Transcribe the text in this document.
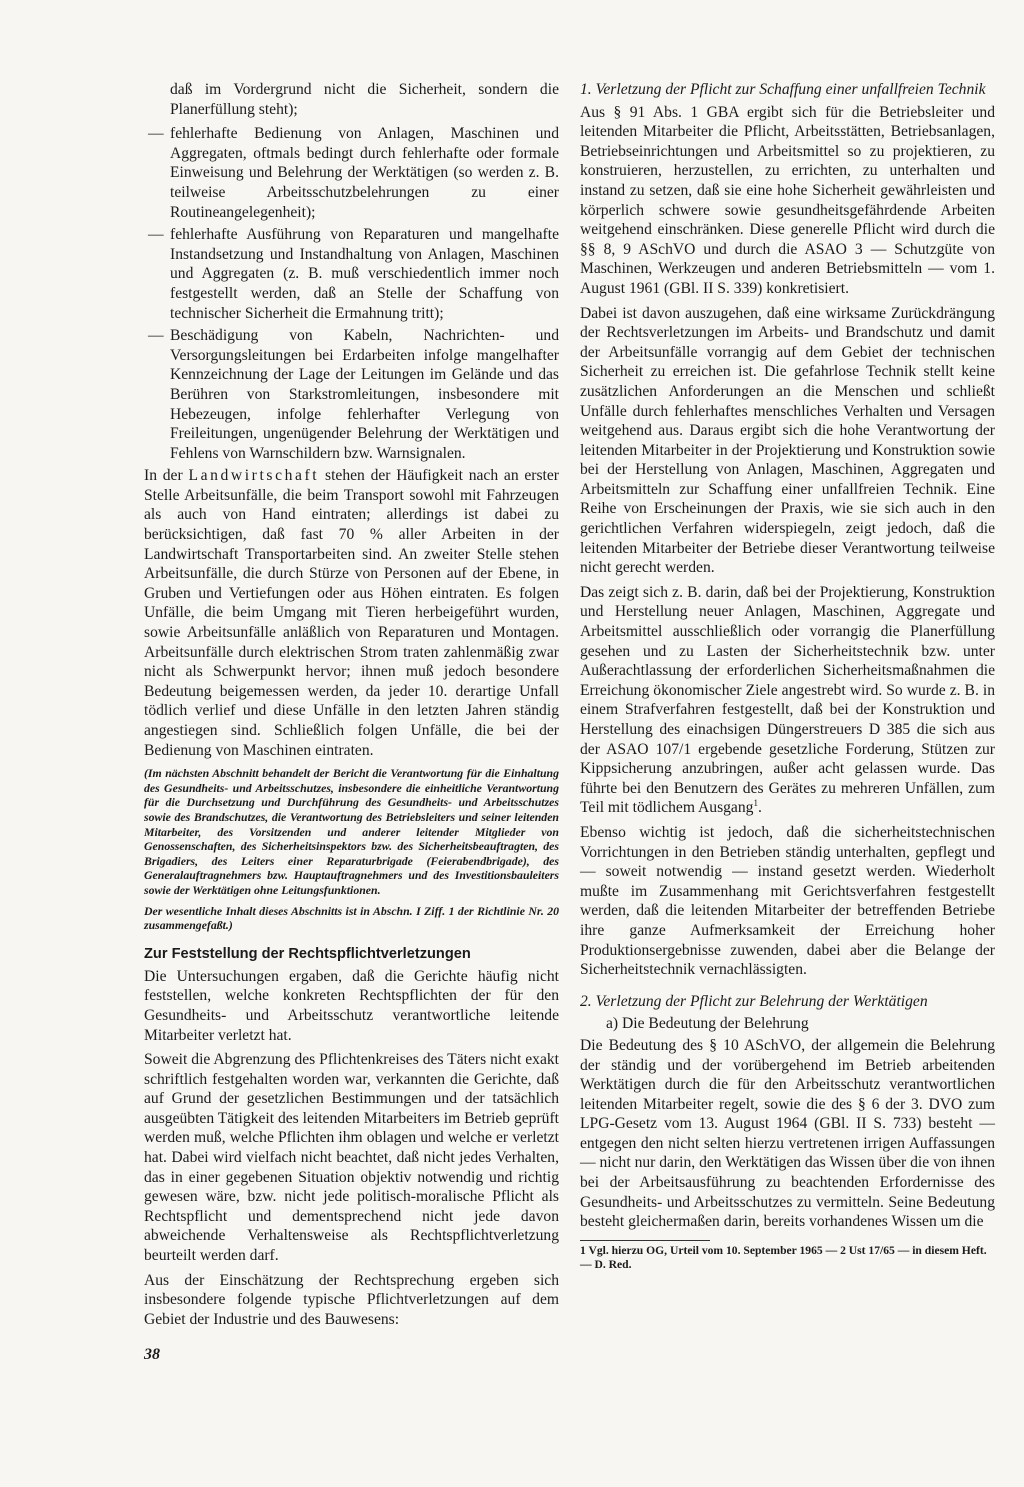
daß im Vordergrund nicht die Sicherheit, sondern die Planerfüllung steht);

— fehlerhafte Bedienung von Anlagen, Maschinen und Aggregaten, oftmals bedingt durch fehlerhafte oder formale Einweisung und Belehrung der Werktätigen (so werden z. B. teilweise Arbeitsschutzbelehrungen zu einer Routineangelegenheit);
— fehlerhafte Ausführung von Reparaturen und mangelhafte Instandsetzung und Instandhaltung von Anlagen, Maschinen und Aggregaten (z. B. muß verschiedentlich immer noch festgestellt werden, daß an Stelle der Schaffung von technischer Sicherheit die Ermahnung tritt);
— Beschädigung von Kabeln, Nachrichten- und Versorgungsleitungen bei Erdarbeiten infolge mangelhafter Kennzeichnung der Lage der Leitungen im Gelände und das Berühren von Starkstromleitungen, insbesondere mit Hebezeugen, infolge fehlerhafter Verlegung von Freileitungen, ungenügender Belehrung der Werktätigen und Fehlens von Warnschildern bzw. Warnsignalen.

In der Landwirtschaft stehen der Häufigkeit nach an erster Stelle Arbeitsunfälle, die beim Transport sowohl mit Fahrzeugen als auch von Hand eintraten; allerdings ist dabei zu berücksichtigen, daß fast 70 % aller Arbeiten in der Landwirtschaft Transportarbeiten sind. An zweiter Stelle stehen Arbeitsunfälle, die durch Stürze von Personen auf der Ebene, in Gruben und Vertiefungen oder aus Höhen eintraten. Es folgen Unfälle, die beim Umgang mit Tieren herbeigeführt wurden, sowie Arbeitsunfälle anläßlich von Reparaturen und Montagen. Arbeitsunfälle durch elektrischen Strom traten zahlenmäßig zwar nicht als Schwerpunkt hervor; ihnen muß jedoch besondere Bedeutung beigemessen werden, da jeder 10. derartige Unfall tödlich verlief und diese Unfälle in den letzten Jahren ständig angestiegen sind. Schließlich folgen Unfälle, die bei der Bedienung von Maschinen eintraten.

(Im nächsten Abschnitt behandelt der Bericht die Verantwortung für die Einhaltung des Gesundheits- und Arbeitsschutzes, insbesondere die einheitliche Verantwortung für die Durchsetzung und Durchführung des Gesundheits- und Arbeitsschutzes sowie des Brandschutzes, die Verantwortung des Betriebsleiters und seiner leitenden Mitarbeiter, des Vorsitzenden und anderer leitender Mitglieder von Genossenschaften, des Sicherheitsinspektors bzw. des Sicherheitsbeauftragten, des Brigadiers, des Leiters einer Reparaturbrigade (Feierabendbrigade), des Generalauftragnehmers bzw. Hauptauftragnehmers und des Investitionsbauleiters sowie der Werktätigen ohne Leitungsfunktionen.

Der wesentliche Inhalt dieses Abschnitts ist in Abschn. I Ziff. 1 der Richtlinie Nr. 20 zusammengefaßt.)

Zur Feststellung der Rechtspflichtverletzungen

Die Untersuchungen ergaben, daß die Gerichte häufig nicht feststellen, welche konkreten Rechtspflichten der für den Gesundheits- und Arbeitsschutz verantwortliche leitende Mitarbeiter verletzt hat.

Soweit die Abgrenzung des Pflichtenkreises des Täters nicht exakt schriftlich festgehalten worden war, verkannten die Gerichte, daß auf Grund der gesetzlichen Bestimmungen und der tatsächlich ausgeübten Tätigkeit des leitenden Mitarbeiters im Betrieb geprüft werden muß, welche Pflichten ihm oblagen und welche er verletzt hat. Dabei wird vielfach nicht beachtet, daß nicht jedes Verhalten, das in einer gegebenen Situation objektiv notwendig und richtig gewesen wäre, bzw. nicht jede politisch-moralische Pflicht als Rechtspflicht und dementsprechend nicht jede davon abweichende Verhaltensweise als Rechtspflichtverletzung beurteilt werden darf.

Aus der Einschätzung der Rechtsprechung ergeben sich insbesondere folgende typische Pflichtverletzungen auf dem Gebiet der Industrie und des Bauwesens:

1. Verletzung der Pflicht zur Schaffung einer unfallfreien Technik

Aus § 91 Abs. 1 GBA ergibt sich für die Betriebsleiter und leitenden Mitarbeiter die Pflicht, Arbeitsstätten, Betriebsanlagen, Betriebseinrichtungen und Arbeitsmittel so zu projektieren, zu konstruieren, herzustellen, zu errichten, zu unterhalten und instand zu setzen, daß sie eine hohe Sicherheit gewährleisten und körperlich schwere sowie gesundheitsgefährdende Arbeiten weitgehend einschränken. Diese generelle Pflicht wird durch die §§ 8, 9 ASchVO und durch die ASAO 3 — Schutzgüte von Maschinen, Werkzeugen und anderen Betriebsmitteln — vom 1. August 1961 (GBl. II S. 339) konkretisiert.

Dabei ist davon auszugehen, daß eine wirksame Zurückdrängung der Rechtsverletzungen im Arbeits- und Brandschutz und damit der Arbeitsunfälle vorrangig auf dem Gebiet der technischen Sicherheit zu erreichen ist. Die gefahrlose Technik stellt keine zusätzlichen Anforderungen an die Menschen und schließt Unfälle durch fehlerhaftes menschliches Verhalten und Versagen weitgehend aus. Daraus ergibt sich die hohe Verantwortung der leitenden Mitarbeiter in der Projektierung und Konstruktion sowie bei der Herstellung von Anlagen, Maschinen, Aggregaten und Arbeitsmitteln zur Schaffung einer unfallfreien Technik. Eine Reihe von Erscheinungen der Praxis, wie sie sich auch in den gerichtlichen Verfahren widerspiegeln, zeigt jedoch, daß die leitenden Mitarbeiter der Betriebe dieser Verantwortung teilweise nicht gerecht werden.

Das zeigt sich z. B. darin, daß bei der Projektierung, Konstruktion und Herstellung neuer Anlagen, Maschinen, Aggregate und Arbeitsmittel ausschließlich oder vorrangig die Planerfüllung gesehen und zu Lasten der Sicherheitstechnik bzw. unter Außerachtlassung der erforderlichen Sicherheitsmaßnahmen die Erreichung ökonomischer Ziele angestrebt wird. So wurde z. B. in einem Strafverfahren festgestellt, daß bei der Konstruktion und Herstellung des einachsigen Düngerstreuers D 385 die sich aus der ASAO 107/1 ergebende gesetzliche Forderung, Stützen zur Kippsicherung anzubringen, außer acht gelassen wurde. Das führte bei den Benutzern des Gerätes zu mehreren Unfällen, zum Teil mit tödlichem Ausgang$^1$.

Ebenso wichtig ist jedoch, daß die sicherheitstechnischen Vorrichtungen in den Betrieben ständig unterhalten, gepflegt und — soweit notwendig — instand gesetzt werden. Wiederholt mußte im Zusammenhang mit Gerichtsverfahren festgestellt werden, daß die leitenden Mitarbeiter der betreffenden Betriebe ihre ganze Aufmerksamkeit der Erreichung hoher Produktionsergebnisse zuwenden, dabei aber die Belange der Sicherheitstechnik vernachlässigten.

2. Verletzung der Pflicht zur Belehrung der Werktätigen
a) Die Bedeutung der Belehrung

Die Bedeutung des § 10 ASchVO, der allgemein die Belehrung der ständig und der vorübergehend im Betrieb arbeitenden Werktätigen durch die für den Arbeitsschutz verantwortlichen leitenden Mitarbeiter regelt, sowie die des § 6 der 3. DVO zum LPG-Gesetz vom 13. August 1964 (GBl. II S. 733) besteht — entgegen den nicht selten hierzu vertretenen irrigen Auffassungen — nicht nur darin, den Werktätigen das Wissen über die von ihnen bei der Arbeitsausführung zu beachtenden Erfordernisse des Gesundheits- und Arbeitsschutzes zu vermitteln. Seine Bedeutung besteht gleichermaßen darin, bereits vorhandenes Wissen um die

1 Vgl. hierzu OG, Urteil vom 10. September 1965 — 2 Ust 17/65 — in diesem Heft. — D. Red.

38
